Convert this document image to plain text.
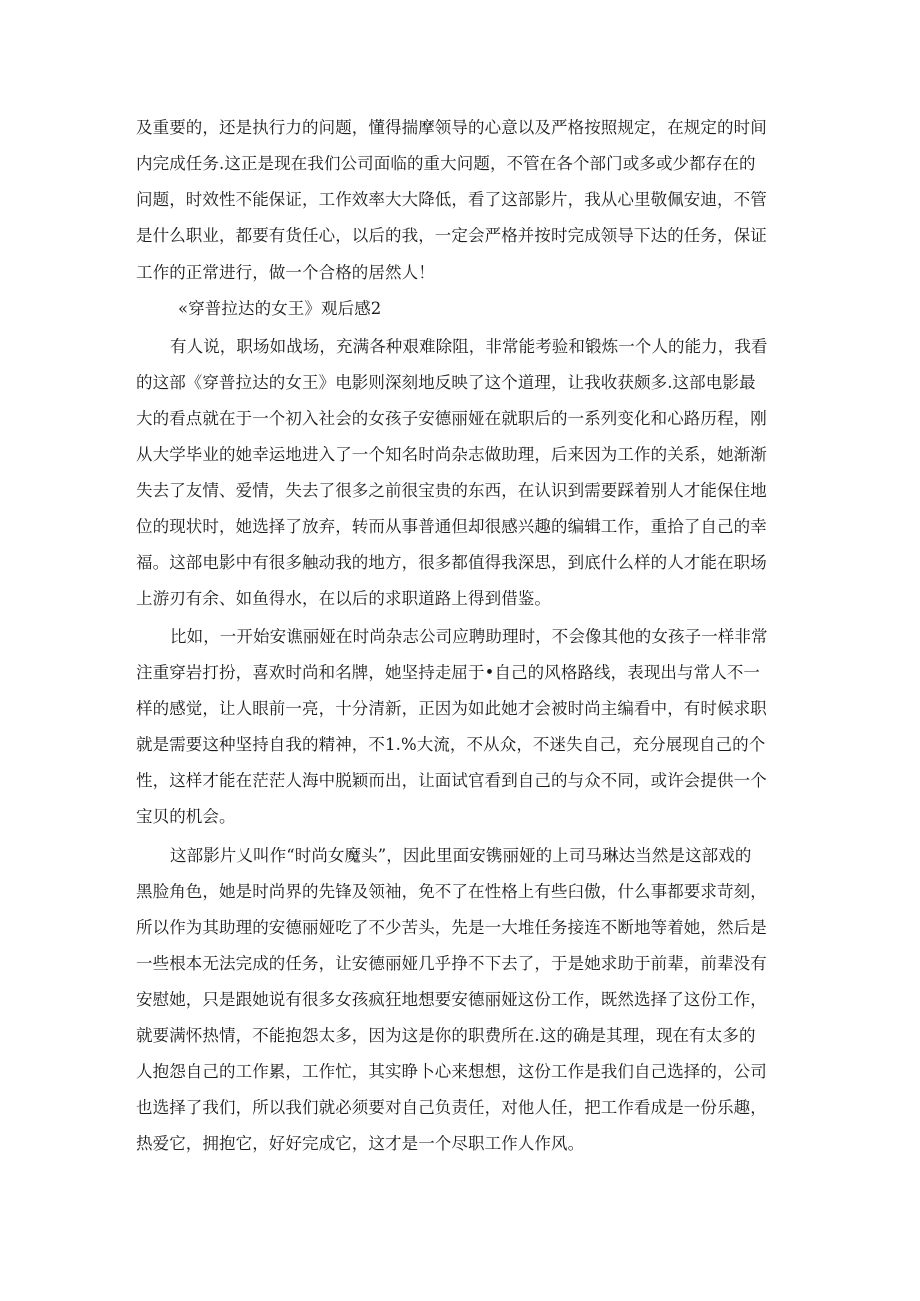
及重要的，还是执行力的问题，懂得揣摩领导的心意以及严格按照规定，在规定的时间

内完成任务.这正是现在我们公司面临的重大问题，不管在各个部门或多或少都存在的

问题，时效性不能保证，工作效率大大降低，看了这部影片，我从心里敬佩安迪，不管

是什么职业，都要有货任心，以后的我，一定会严格并按时完成领导下达的任务，保证

工作的正常进行，做一个合格的居然人！

«穿普拉达的女王》观后感2

有人说，职场如战场，充满各种艰难除阻，非常能考验和锻炼一个人的能力，我看

的这部《穿普拉达的女王》电影则深刻地反映了这个道理，让我收获颇多.这部电影最

大的看点就在于一个初入社会的女孩子安德丽娅在就职后的一系列变化和心路历程，刚

从大学毕业的她幸运地进入了一个知名时尚杂志做助理，后来因为工作的关系，她渐渐

失去了友情、爱情，失去了很多之前很宝贵的东西，在认识到需要踩着别人才能保住地

位的现状时，她选择了放弃，转而从事普通但却很感兴趣的编辑工作，重拾了自己的幸

福。这部电影中有很多触动我的地方，很多都值得我深思，到底什么样的人才能在职场

上游刃有余、如鱼得水，在以后的求职道路上得到借鉴。

比如，一开始安谯丽娅在时尚杂志公司应聘助理时，不会像其他的女孩子一样非常

注重穿岩打扮，喜欢时尚和名牌，她坚持走屈于•自己的风格路线，表现出与常人不一

样的感觉，让人眼前一亮，十分清新，正因为如此她才会被时尚主编看中，有时候求职

就是需要这种坚持自我的精神，不1.%大流，不从众，不迷失自己，充分展现自己的个

性，这样才能在茫茫人海中脱颖而出，让面试官看到自己的与众不同，或许会提供一个

宝贝的机会。

这部影片乂叫作“时尚女魔头”，因此里面安镌丽娅的上司马琳达当然是这部戏的

黑脸角色，她是时尚界的先锋及领袖，免不了在性格上有些臼傲，什么事都要求苛刻，

所以作为其助理的安德丽娅吃了不少苦头，先是一大堆任务接连不断地等着她，然后是

一些根本无法完成的任务，让安德丽娅几乎挣不下去了，于是她求助于前辈，前辈没有

安慰她，只是跟她说有很多女孩疯狂地想要安德丽娅这份工作，既然选择了这份工作，

就要满怀热情，不能抱怨太多，因为这是你的职费所在.这的确是其理，现在有太多的

人抱怨自己的工作累，工作忙，其实睁卜心来想想，这份工作是我们自己选择的，公司

也选择了我们，所以我们就必须要对自己负责任，对他人任，把工作看成是一份乐趣，

热爱它，拥抱它，好好完成它，这才是一个尽职工作人作风。
